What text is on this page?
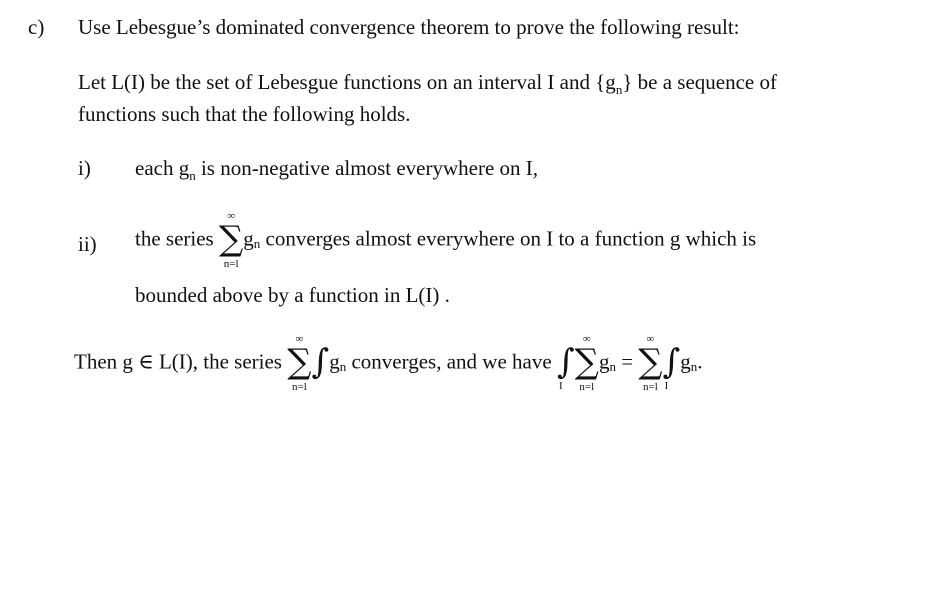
c) Use Lebesgue’s dominated convergence theorem to prove the following result:
Let L(I) be the set of Lebesgue functions on an interval I and $\{g_n\}$ be a sequence of
functions such that the following holds.
i) each $g_n$ is non-negative almost everywhere on I,
ii) the series
∞
∑
n=l
$g_n$ converges almost everywhere on I to a function g which is
bounded above by a function in L(I) .
Then g ∈ L(I), the series
∞
∑
n=l
$\int g_n$ converges, and we have ∫
I
∞
∑
n=l
$g_n$ =
∞
∑
n=l
∫
I
$g_n$.
